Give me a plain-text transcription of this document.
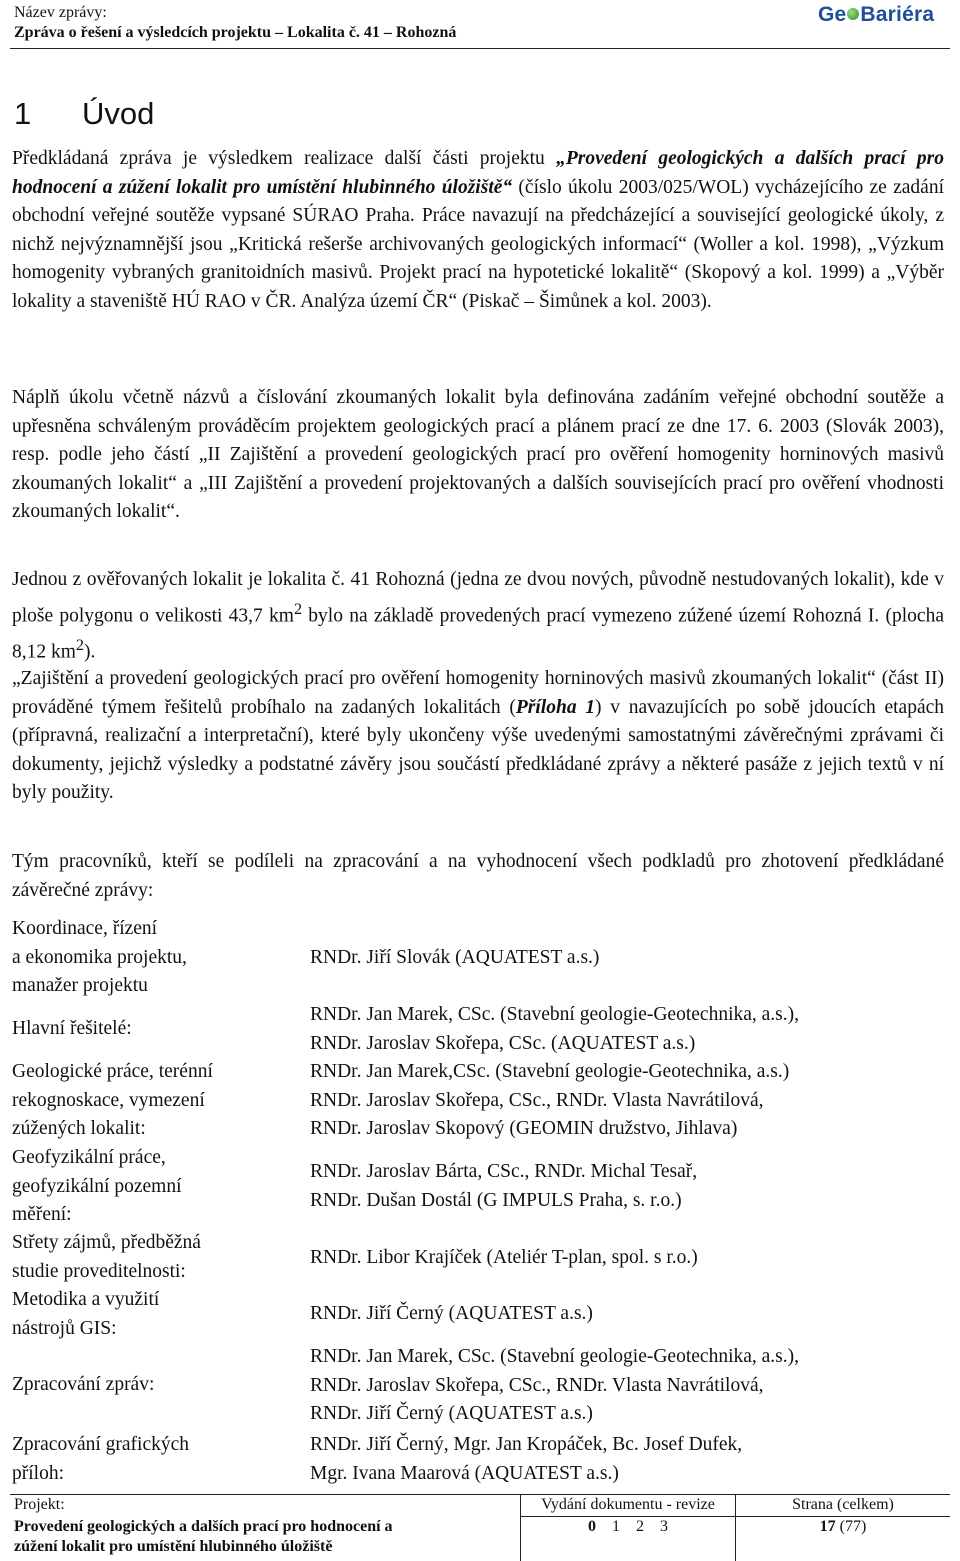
Název zprávy:
Zpráva o řešení a výsledcích projektu – Lokalita č. 41 – Rohozná
Ge Bariéra
1 Úvod
Předkládaná zpráva je výsledkem realizace další části projektu „Provedení geologických a dalších prací pro hodnocení a zúžení lokalit pro umístění hlubinného úložiště“ (číslo úkolu 2003/025/WOL) vycházejícího ze zadání obchodní veřejné soutěže vypsané SÚRAO Praha. Práce navazují na předcházející a související geologické úkoly, z nichž nejvýznamnější jsou „Kritická rešerše archivovaných geologických informací“ (Woller a kol. 1998), „Výzkum homogenity vybraných granitoidních masivů. Projekt prací na hypotetické lokalitě“ (Skopový a kol. 1999) a „Výběr lokality a staveniště HÚ RAO v ČR. Analýza území ČR“ (Piskač – Šimůnek a kol. 2003).
Náplň úkolu včetně názvů a číslování zkoumaných lokalit byla definována zadáním veřejné obchodní soutěže a upřesněna schváleným prováděcím projektem geologických prací a plánem prací ze dne 17. 6. 2003 (Slovák 2003), resp. podle jeho částí „II Zajištění a provedení geologických prací pro ověření homogenity horninových masivů zkoumaných lokalit“ a „III Zajištění a provedení projektovaných a dalších souvisejících prací pro ověření vhodnosti zkoumaných lokalit“.
Jednou z ověřovaných lokalit je lokalita č. 41 Rohozná (jedna ze dvou nových, původně nestudovaných lokalit), kde v ploše polygonu o velikosti 43,7 $km^2$ bylo na základě provedených prací vymezeno zúžené území Rohozná I. (plocha 8,12 $km^2$).
„Zajištění a provedení geologických prací pro ověření homogenity horninových masivů zkoumaných lokalit“ (část II) prováděné týmem řešitelů probíhalo na zadaných lokalitách (Příloha 1) v navazujících po sobě jdoucích etapách (přípravná, realizační a interpretační), které byly ukončeny výše uvedenými samostatnými závěrečnými zprávami či dokumenty, jejichž výsledky a podstatné závěry jsou součástí předkládané zprávy a některé pasáže z jejich textů v ní byly použity.
Tým pracovníků, kteří se podíleli na zpracování a na vyhodnocení všech podkladů pro zhotovení předkládané závěrečné zprávy:
Koordinace, řízení
a ekonomika projektu,
manažer projektu
RNDr. Jiří Slovák (AQUATEST a.s.)
Hlavní řešitelé:
RNDr. Jan Marek, CSc. (Stavební geologie-Geotechnika, a.s.),
RNDr. Jaroslav Skořepa, CSc. (AQUATEST a.s.)
Geologické práce, terénní
rekognoskace, vymezení
zúžených lokalit:
RNDr. Jan Marek,CSc. (Stavební geologie-Geotechnika, a.s.)
RNDr. Jaroslav Skořepa, CSc., RNDr. Vlasta Navrátilová,
RNDr. Jaroslav Skopový (GEOMIN družstvo, Jihlava)
Geofyzikální práce,
geofyzikální pozemní
měření:
RNDr. Jaroslav Bárta, CSc., RNDr. Michal Tesař,
RNDr. Dušan Dostál (G IMPULS Praha, s. r.o.)
Střety zájmů, předběžná
studie proveditelnosti:
RNDr. Libor Krajíček (Ateliér T-plan, spol. s r.o.)
Metodika a využití
nástrojů GIS:
RNDr. Jiří Černý (AQUATEST a.s.)
Zpracování zpráv:
RNDr. Jan Marek, CSc. (Stavební geologie-Geotechnika, a.s.),
RNDr. Jaroslav Skořepa, CSc., RNDr. Vlasta Navrátilová,
RNDr. Jiří Černý (AQUATEST a.s.)
Zpracování grafických
příloh:
RNDr. Jiří Černý, Mgr. Jan Kropáček, Bc. Josef Dufek,
Mgr. Ivana Maarová (AQUATEST a.s.)
Projekt:
Provedení geologických a dalších prací pro hodnocení a
zúžení lokalit pro umístění hlubinného úložiště
Vydání dokumentu - revize
0    1    2    3
Strana (celkem)
17 (77)
